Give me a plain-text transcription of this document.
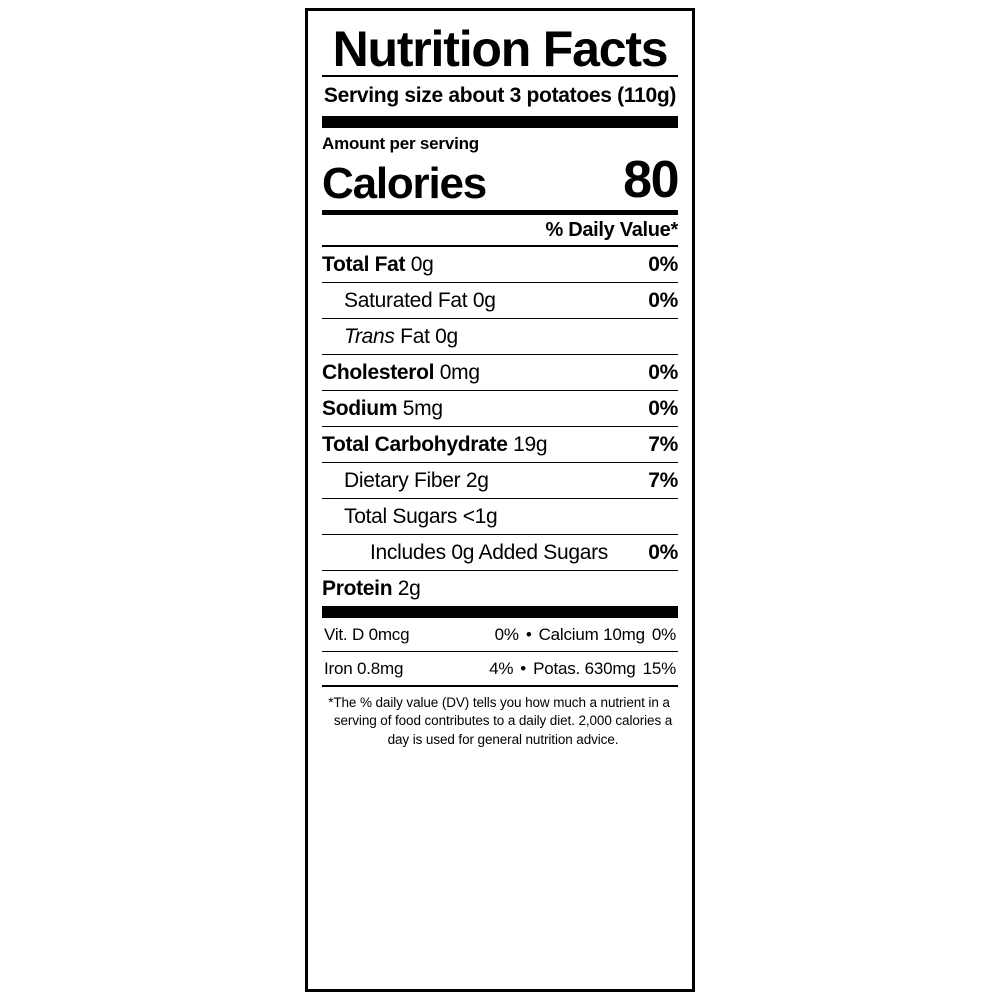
Nutrition Facts
Serving size about 3 potatoes (110g)
Amount per serving
Calories	80
% Daily Value*
Total Fat 0g	0%
Saturated Fat 0g	0%
Trans Fat 0g
Cholesterol 0mg	0%
Sodium 5mg	0%
Total Carbohydrate 19g	7%
Dietary Fiber 2g	7%
Total Sugars <1g
Includes 0g Added Sugars 0%
Protein 2g
Vit. D 0mcg	0% • Calcium 10mg 0%
Iron 0.8mg	4% • Potas. 630mg 15%
*The % daily value (DV) tells you how much a nutrient in a
serving of food contributes to a daily diet. 2,000 calories a
day is used for general nutrition advice.
